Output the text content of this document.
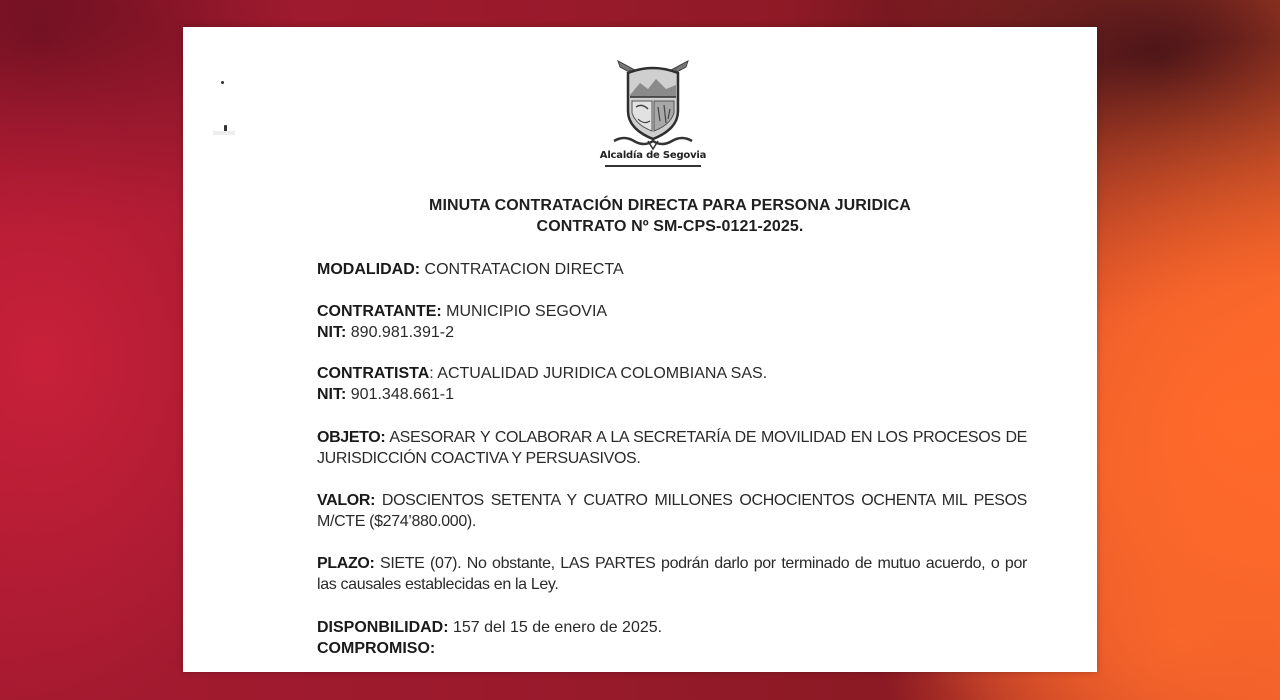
Alcaldía de Segovia
MINUTA CONTRATACIÓN DIRECTA PARA PERSONA JURIDICA
CONTRATO Nº SM-CPS-0121-2025.
MODALIDAD: CONTRATACION DIRECTA
CONTRATANTE: MUNICIPIO SEGOVIA
NIT: 890.981.391-2
CONTRATISTA: ACTUALIDAD JURIDICA COLOMBIANA SAS.
NIT: 901.348.661-1
OBJETO: ASESORAR Y COLABORAR A LA SECRETARÍA DE MOVILIDAD EN LOS PROCESOS DE JURISDICCIÓN COACTIVA Y PERSUASIVOS.
VALOR: DOSCIENTOS SETENTA Y CUATRO MILLONES OCHOCIENTOS OCHENTA MIL PESOS M/CTE ($274’880.000).
PLAZO: SIETE (07). No obstante, LAS PARTES podrán darlo por terminado de mutuo acuerdo, o por las causales establecidas en la Ley.
DISPONBILIDAD: 157 del 15 de enero de 2025.
COMPROMISO:
